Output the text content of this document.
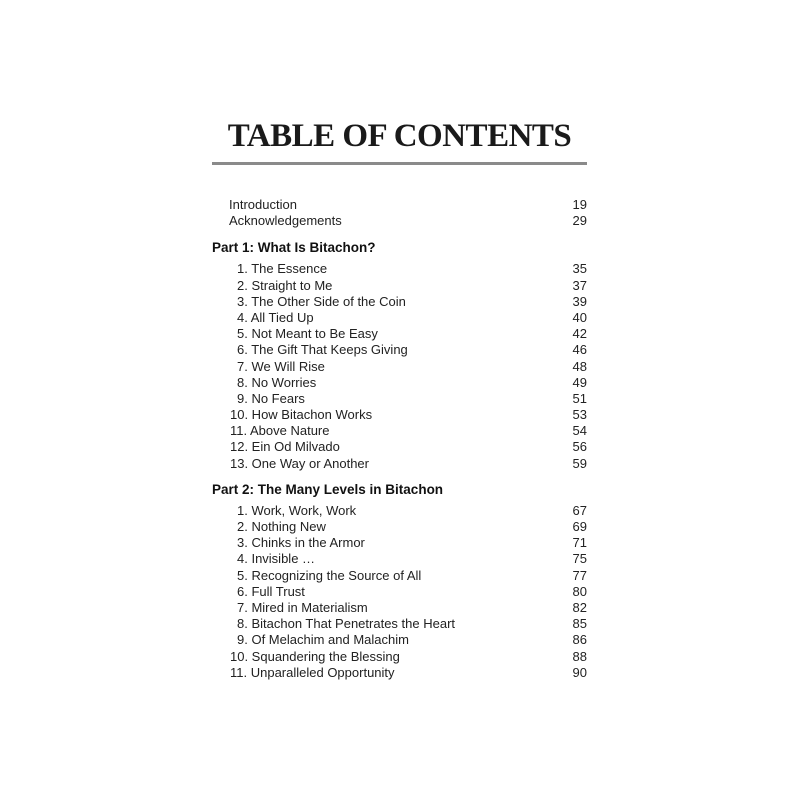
TABLE OF CONTENTS
Introduction	19
Acknowledgements	29
Part 1: What Is Bitachon?
1. The Essence	35
2. Straight to Me	37
3. The Other Side of the Coin	39
4. All Tied Up	40
5. Not Meant to Be Easy	42
6. The Gift That Keeps Giving	46
7. We Will Rise	48
8. No Worries	49
9. No Fears	51
10. How Bitachon Works	53
11. Above Nature	54
12. Ein Od Milvado	56
13. One Way or Another	59
Part 2: The Many Levels in Bitachon
1. Work, Work, Work	67
2. Nothing New	69
3. Chinks in the Armor	71
4. Invisible …	75
5. Recognizing the Source of All	77
6. Full Trust	80
7. Mired in Materialism	82
8. Bitachon That Penetrates the Heart	85
9. Of Melachim and Malachim	86
10. Squandering the Blessing	88
11. Unparalleled Opportunity	90
